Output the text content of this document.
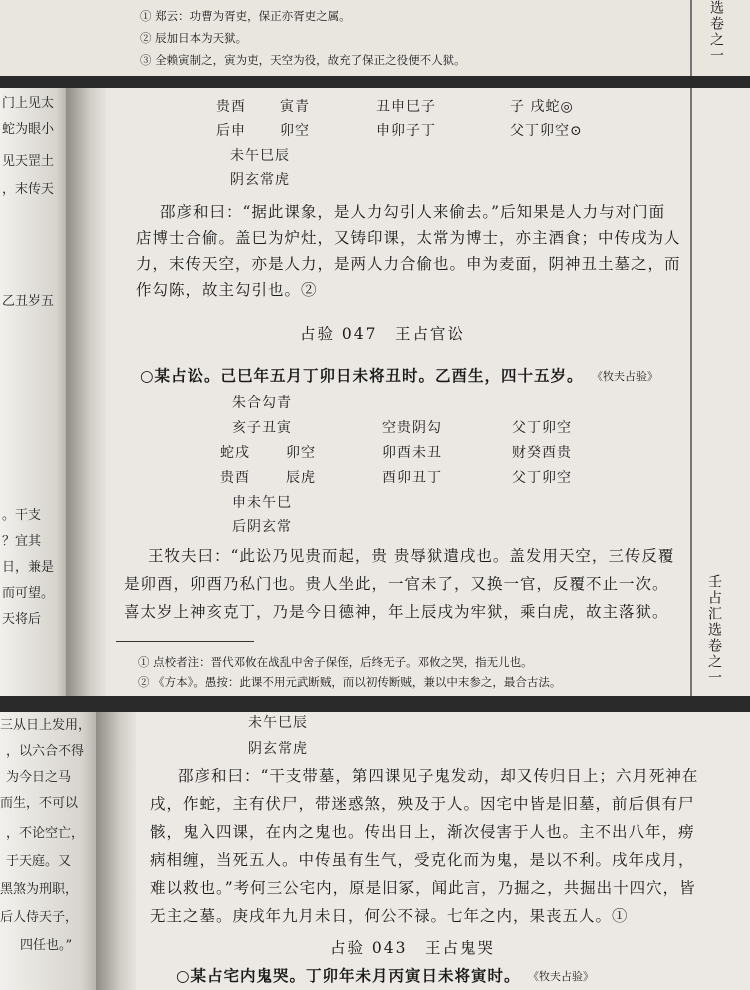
① 郑云：功曹为胥吏，保正亦胥吏之属。
② 辰加日本为天狱。
③ 全赖寅制之，寅为吏，天空为役，故充了保正之役便不人狱。	选卷之一
门上见太
蛇为眼小
见天罡土
，末传天
乙丑岁五
。干支
？宜其
日，兼是
而可望。
天将后
贵酉 寅青	丑申巳子	子 戌蛇◎
后申 卯空	申卯子丁	父丁卯空⊙
未午巳辰
阴玄常虎
邵彦和曰：“据此课象，是人力勾引人来偷去。”后知果是人力与对门面
店博士合偷。盖巳为炉灶，又铸印课，太常为博士，亦主酒食；中传戌为人
力，末传天空，亦是人力，是两人力合偷也。申为麦面，阴神丑土墓之，而
作勾陈，故主勾引也。②
占验 047　王占官讼
○某占讼。己巳年五月丁卯日未将丑时。乙酉生，四十五岁。 《牧夫占验》
朱合勾青
亥子丑寅	空贵阴勾	父丁卯空
蛇戌	卯空	卯酉未丑	财癸酉贵
贵酉	辰虎	酉卯丑丁	父丁卯空
申未午巳
后阴玄常
王牧夫曰：“此讼乃见贵而起，贵 贵辱狱遣戌也。盖发用天空，三传反覆
是卯酉，卯酉乃私门也。贵人坐此，一官未了，又换一官，反覆不止一次。
喜太岁上神亥克丁，乃是今日德神，年上辰戌为牢狱，乘白虎，故主落狱。
① 点校者注：晋代邓攸在战乱中舍子保侄，后终无子。邓攸之哭，指无儿也。
② 《方本》。愚按：此课不用元武断贼，而以初传断贼，兼以中末参之，最合古法。	壬占汇选卷之一
三从日上发用，
，以六合不得
为今日之马
而生，不可以
，不论空亡，
于天庭。又
黑煞为刑职，
后人侍天子，
四任也。”
未午巳辰
阴玄常虎
邵彦和曰：“干支带墓，第四课见子鬼发动，却又传归日上；六月死神在
戌，作蛇，主有伏尸，带迷惑煞，殃及于人。因宅中皆是旧墓，前后俱有尸
骸，鬼入四课，在内之鬼也。传出日上，渐次侵害于人也。主不出八年，痨
病相缠，当死五人。中传虽有生气，受克化而为鬼，是以不利。戌年戌月，
难以救也。”考何三公宅内，原是旧冢，闻此言，乃掘之，共掘出十四穴，皆
无主之墓。庚戌年九月未日，何公不禄。七年之内，果丧五人。①
占验 043　王占鬼哭
○某占宅内鬼哭。丁卯年未月丙寅日未将寅时。 《牧夫占验》
